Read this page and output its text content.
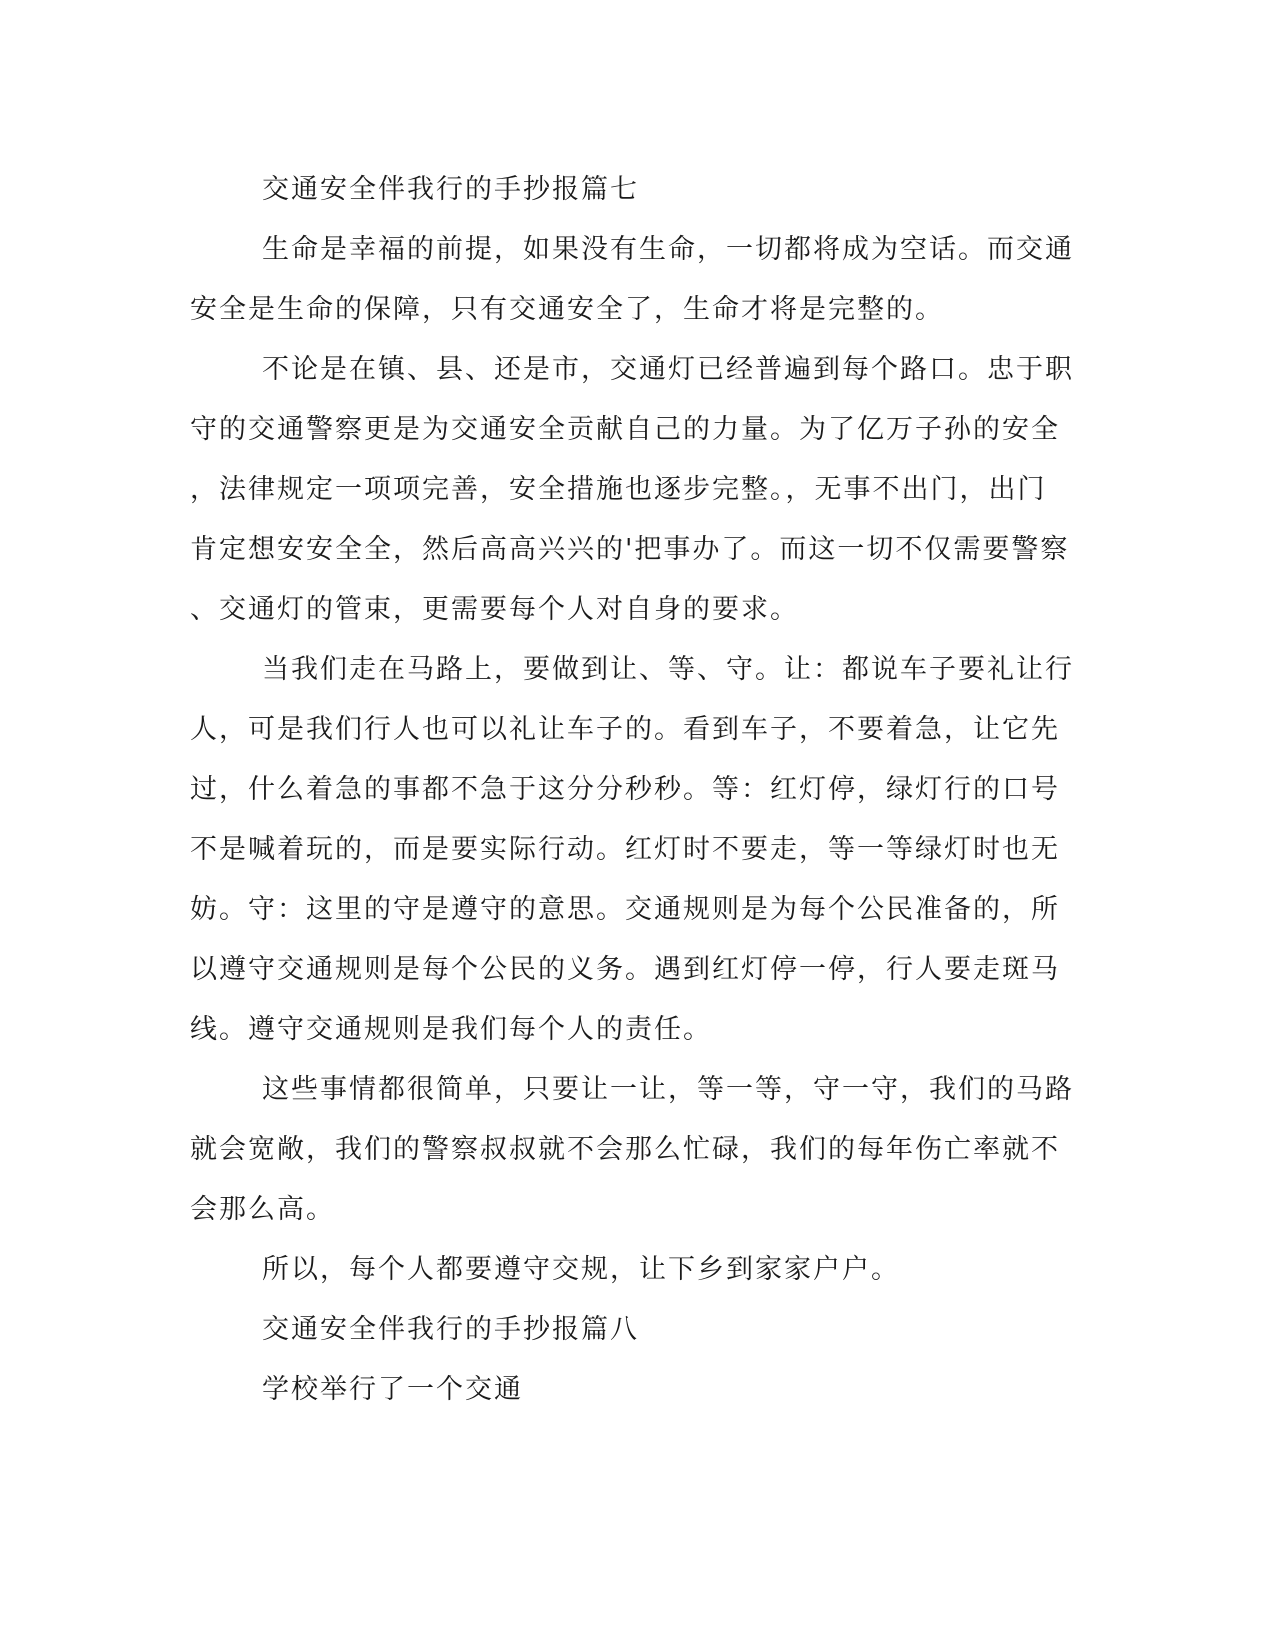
交通安全伴我行的手抄报篇七

生命是幸福的前提，如果没有生命，一切都将成为空话。而交通

安全是生命的保障，只有交通安全了，生命才将是完整的。

不论是在镇、县、还是市，交通灯已经普遍到每个路口。忠于职

守的交通警察更是为交通安全贡献自己的力量。为了亿万子孙的安全

，法律规定一项项完善，安全措施也逐步完整。，无事不出门，出门

肯定想安安全全，然后高高兴兴的'把事办了。而这一切不仅需要警察

、交通灯的管束，更需要每个人对自身的要求。

当我们走在马路上，要做到让、等、守。让：都说车子要礼让行

人，可是我们行人也可以礼让车子的。看到车子，不要着急，让它先

过，什么着急的事都不急于这分分秒秒。等：红灯停，绿灯行的口号

不是喊着玩的，而是要实际行动。红灯时不要走，等一等绿灯时也无

妨。守：这里的守是遵守的意思。交通规则是为每个公民准备的，所

以遵守交通规则是每个公民的义务。遇到红灯停一停，行人要走斑马

线。遵守交通规则是我们每个人的责任。

这些事情都很简单，只要让一让，等一等，守一守，我们的马路

就会宽敞，我们的警察叔叔就不会那么忙碌，我们的每年伤亡率就不

会那么高。

所以，每个人都要遵守交规，让下乡到家家户户。

交通安全伴我行的手抄报篇八

学校举行了一个交通
